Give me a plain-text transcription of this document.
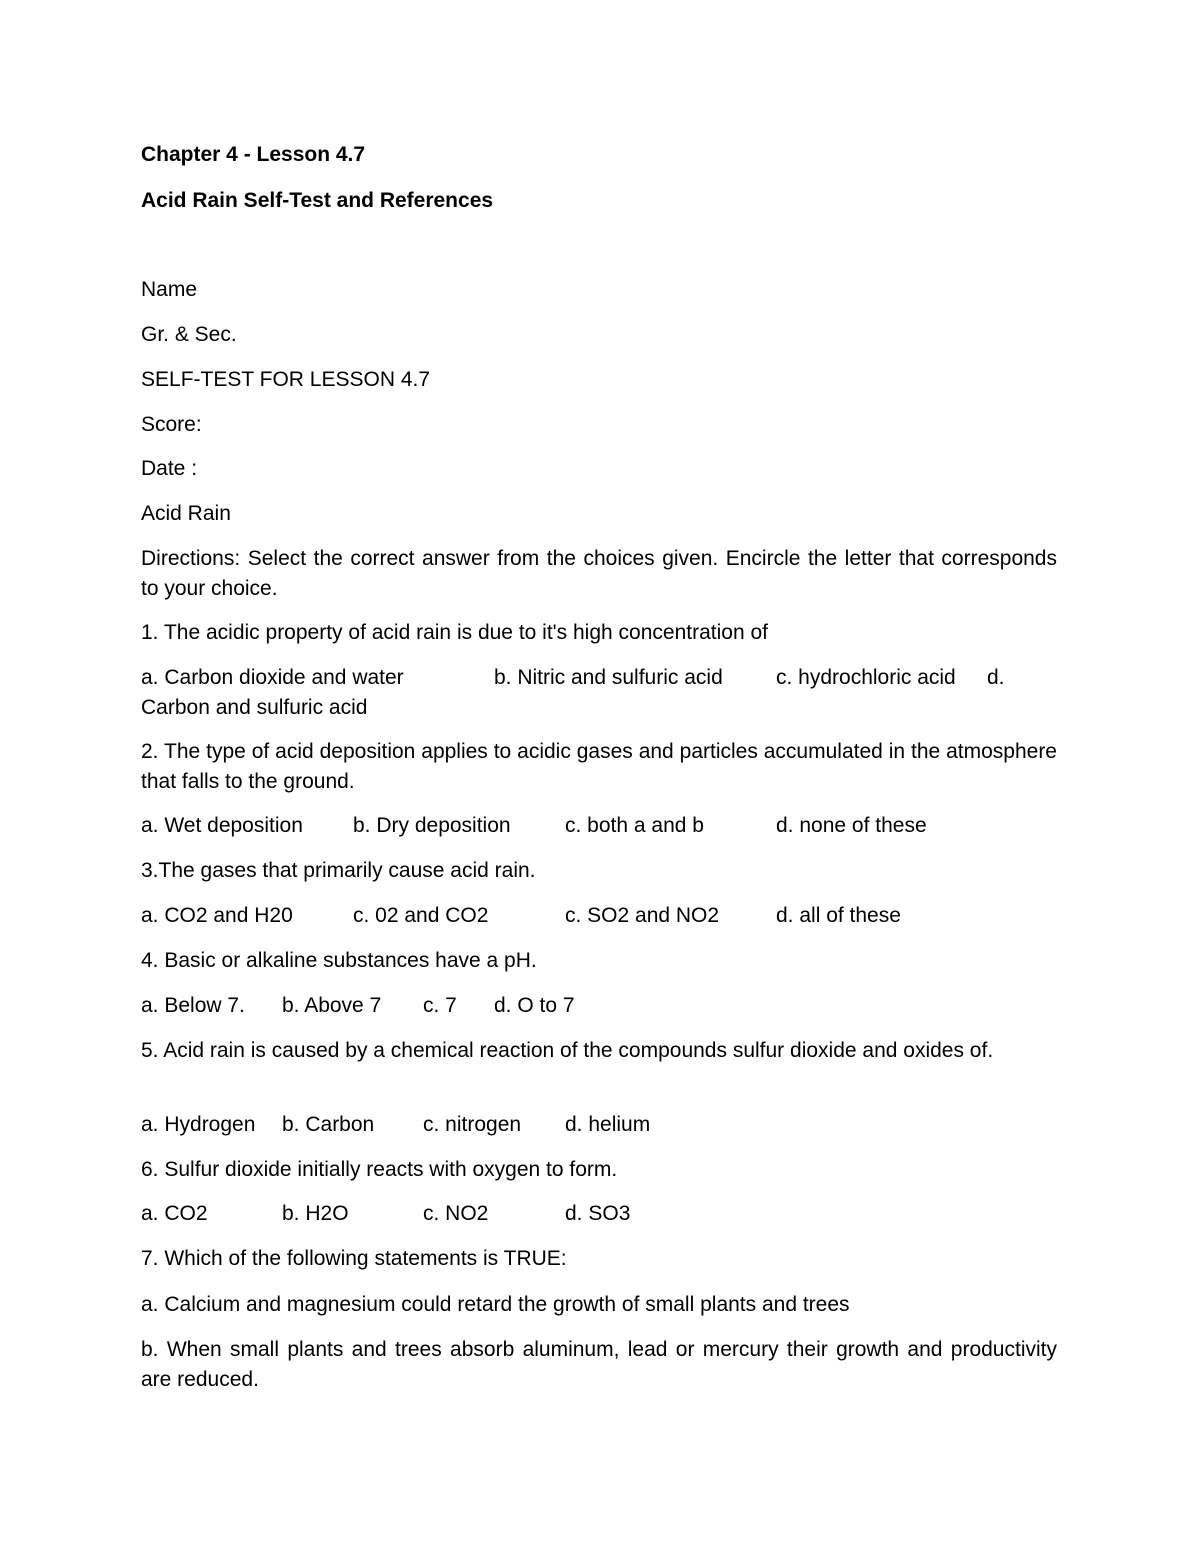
Chapter 4 - Lesson 4.7
Acid Rain Self-Test and References
Name
Gr. & Sec.
SELF-TEST FOR LESSON 4.7
Score:
Date :
Acid Rain
Directions: Select the correct answer from the choices given. Encircle the letter that corresponds to your choice.
1. The acidic property of acid rain is due to it's high concentration of
a. Carbon dioxide and water	b. Nitric and sulfuric acid	c. hydrochloric acid d.
Carbon and sulfuric acid
2. The type of acid deposition applies to acidic gases and particles accumulated in the atmosphere that falls to the ground.
a. Wet deposition b. Dry deposition	c. both a and b	d. none of these
3.The gases that primarily cause acid rain.
a. CO2 and H20	c. 02 and CO2	c. SO2 and NO2	d. all of these
4. Basic or alkaline substances have a pH.
a. Below 7. b. Above 7 c. 7 d. O to 7
5. Acid rain is caused by a chemical reaction of the compounds sulfur dioxide and oxides of.
a. Hydrogen b. Carbon c. nitrogen d. helium
6. Sulfur dioxide initially reacts with oxygen to form.
a. CO2	b. H2O	c. NO2	d. SO3
7. Which of the following statements is TRUE:
a. Calcium and magnesium could retard the growth of small plants and trees
b. When small plants and trees absorb aluminum, lead or mercury their growth and productivity are reduced.
